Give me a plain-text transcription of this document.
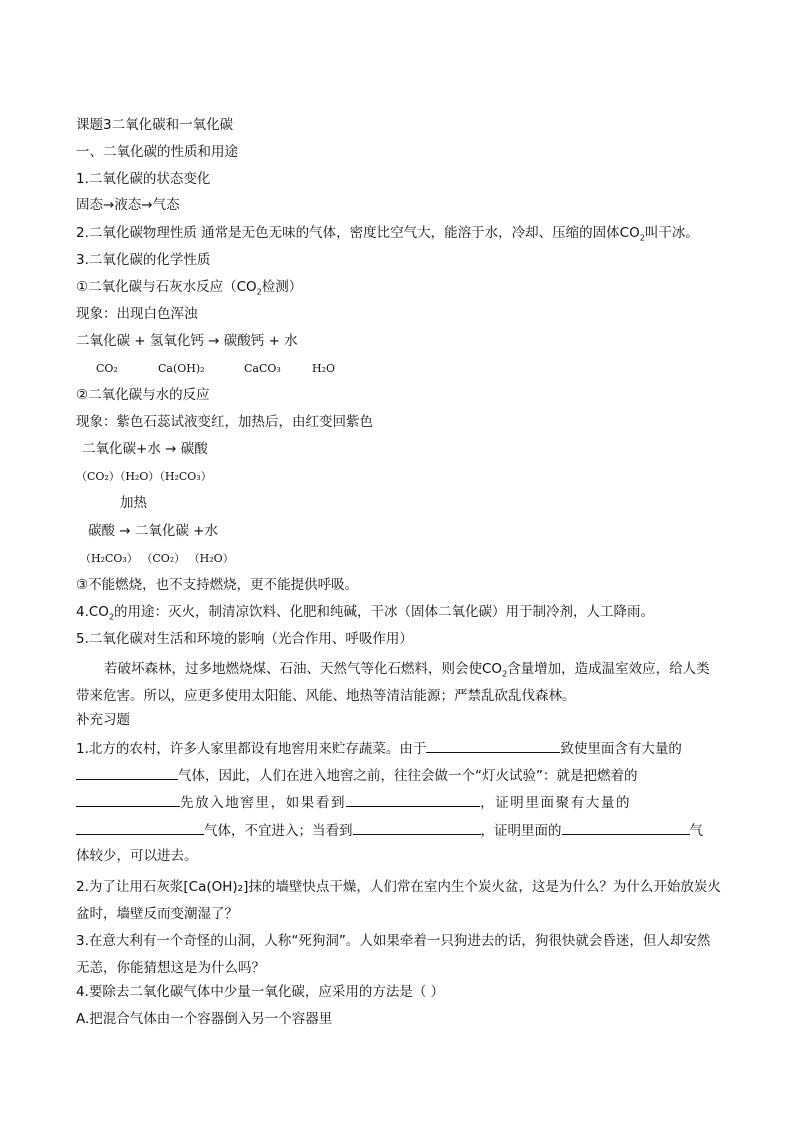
课题3二氧化碳和一氧化碳
一、二氧化碳的性质和用途
1.二氧化碳的状态变化
固态→液态→气态
2.二氧化碳物理性质 通常是无色无味的气体，密度比空气大，能溶于水，冷却、压缩的固体$CO_2$叫干冰。
3.二氧化碳的化学性质
①二氧化碳与石灰水反应（$CO_2$检测）
现象：出现白色浑浊
二氧化碳 + 氢氧化钙 → 碳酸钙 + 水
CO₂	Ca(OH)₂	CaCO₃	H₂O
②二氧化碳与水的反应
现象：紫色石蕊试液变红，加热后，由红变回紫色
二氧化碳+水 → 碳酸
（CO₂）（H₂O）（H₂CO₃）
加热
碳酸 → 二氧化碳 +水
（H₂CO₃） （CO₂） （H₂O）
③不能燃烧，也不支持燃烧，更不能提供呼吸。
$4.CO_2$的用途：灭火，制清凉饮料、化肥和纯碱，干冰（固体二氧化碳）用于制冷剂，人工降雨。
5.二氧化碳对生活和环境的影响（光合作用、呼吸作用）
若破坏森林，过多地燃烧煤、石油、天然气等化石燃料，则会使$CO_2$含量增加，造成温室效应，给人类带来危害。所以，应更多使用太阳能、风能、地热等清洁能源；严禁乱砍乱伐森林。
补充习题
1.北方的农村，许多人家里都设有地窖用来贮存蔬菜。由于	致使里面含有大量的
气体，因此，人们在进入地窖之前，往往会做一个“灯火试验”：就是把燃着的
先放入地窖里，如果看到	，证明里面聚有大量的
气体，不宜进入；当看到	，证明里面的	气
体较少，可以进去。
2.为了让用石灰浆[Ca(OH)₂]抹的墙壁快点干燥，人们常在室内生个炭火盆，这是为什么？为什么开始放炭火盆时，墙壁反而变潮湿了？
3.在意大利有一个奇怪的山洞，人称“死狗洞”。人如果牵着一只狗进去的话，狗很快就会昏迷，但人却安然无恙，你能猜想这是为什么吗？
4.要除去二氧化碳气体中少量一氧化碳，应采用的方法是（ ）
A.把混合气体由一个容器倒入另一个容器里
